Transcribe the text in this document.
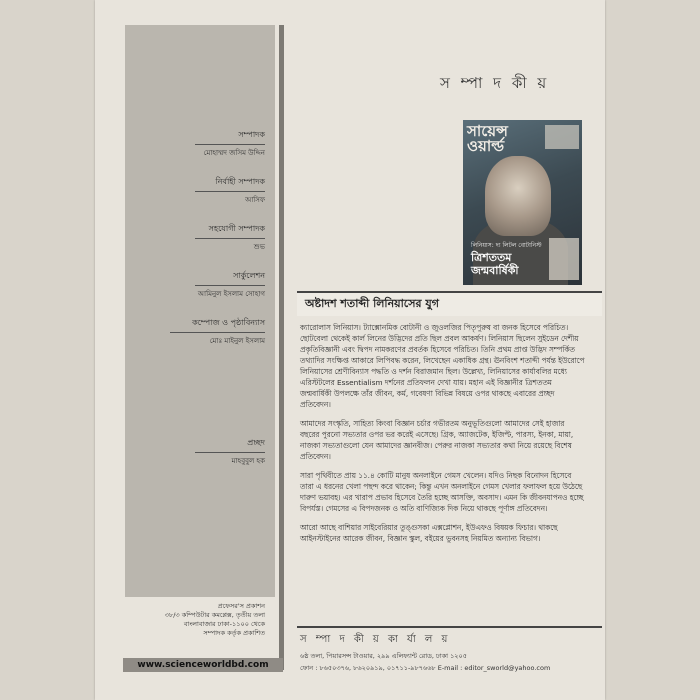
সম্পাদক
মোহাম্মদ জসিম উদ্দিন
নির্বাহী সম্পাদক
আসিফ
সহযোগী সম্পাদক
শুভ
সার্কুলেশন
আমিনুল ইসলাম সোহাগ
কম্পোজ ও পৃষ্ঠাবিন্যাস
মোঃ মাইনুল ইসলাম
প্রচ্ছদ
মাহবুবুল হক
প্রফেসর'স প্রকাশন
৩৮/৩ কম্পিউটার কমপ্লেক্স, তৃতীয় তলা
বাংলাবাজার ঢাকা-১১০০ থেকে
সম্পাদক কর্তৃক প্রকাশিত
www.scienceworldbd.com
স ম্পা দ কী য়
সায়েন্স
ওয়ার্ল্ড
লিনিয়াস: দ্য লিটল বোটানিস্ট
ত্রিশততম
জন্মবার্ষিকী
অষ্টাদশ শতাব্দী লিনিয়াসের যুগ

ক্যারোলাস লিনিয়াস। ট্যাক্সোনমিক বোটানী ও জুওলজির পিতৃপুরুষ বা জনক হিসেবে পরিচিত। ছোটবেলা থেকেই কার্ল লিনের উদ্ভিদের প্রতি ছিল প্রবল আকর্ষণ। লিনিয়াস ছিলেন সুইডেন দেশীয় প্রকৃতিবিজ্ঞানী এবং দ্বিপদ নামকরণের প্রবর্তক হিসেবে পরিচিত। তিনি প্রথম প্রাপ্ত উদ্ভিদ সম্পর্কিত তথ্যাদির সংক্ষিপ্ত আকারে লিপিবদ্ধ করেন, লিখেছেন একাধিক গ্রন্থ। ঊনবিংশ শতাব্দী পর্যন্ত ইউরোপে লিনিয়াসের শ্রেণীবিন্যাস পদ্ধতি ও দর্শন বিরাজমান ছিল। উল্লেখ্য, লিনিয়াসের কার্যাবলির মধ্যে এরিস্টটলের Essentialism দর্শনের প্রতিফলন দেখা যায়। মহান এই বিজ্ঞানীর ত্রিশততম জন্মবার্ষিকী উপলক্ষে তাঁর জীবন, কর্ম, গবেষণা বিভিন্ন বিষয়ে ওপর থাকছে এবারের প্রচ্ছদ প্রতিবেদন।

আমাদের সংস্কৃতি, সাহিত্য কিংবা বিজ্ঞান চর্চার গভীরতম অনুভূতিগুলো আমাদের সেই হাজার বছরের পুরনো সভ্যতার ওপর ভর করেই এসেছে। গ্রিক, অ্যাজটেক, ইজিপ্ট, পারস্য, ইনকা, মায়া, নাজকা সভ্যতাগুলো যেন আমাদের জ্ঞানবীজ। পেরুর নাজকা সভ্যতার কথা নিয়ে রয়েছে বিশেষ প্রতিবেদন।

সারা পৃথিবীতে প্রায় ১১.৪ কোটি মানুষ অনলাইনে গেমস খেলেন। যদিও নিছক বিনোদন হিসেবে তারা এ ধরনের খেলা পছন্দ করে থাকেন; কিন্তু এখন অনলাইনে গেমস খেলার ফলাফল হয়ে উঠেছে দারুণ ভয়াবহ। এর খারাপ প্রভাব হিসেবে তৈরি হচ্ছে আসক্তি, অবসাদ। এমন কি জীবনযাপনও হচ্ছে বিপর্যস্ত। গেমসের এ বিপদজনক ও অতি বাণিজ্যিক দিক নিয়ে থাকছে পূর্ণাঙ্গ প্রতিবেদন।

আরো আছে বাশিয়ার সাইবেরিয়ার তুঙ্গুসকা এক্সপ্লোশন, ইউএফও বিষয়ক ফিচার। থাকছে আইনস্টাইনের আরেক জীবন, বিজ্ঞান স্কুল, বইয়ের ভুবনসহ নিয়মিত অন্যান্য বিভাগ।

স ম্পা দ কী য় কা র্যা ল য়
৬ষ্ঠ তলা, পিয়ারসন্স টাওয়ার, ২৯৯ এলিফ্যান্ট রোড, ঢাকা ১২০৫
ফোন : ৮৬৫০৩৭৬, ৮৬২০৯১৯, ০১৭১১-৯৮৭৬৬৮ E-mail : editor_sworld@yahoo.com
